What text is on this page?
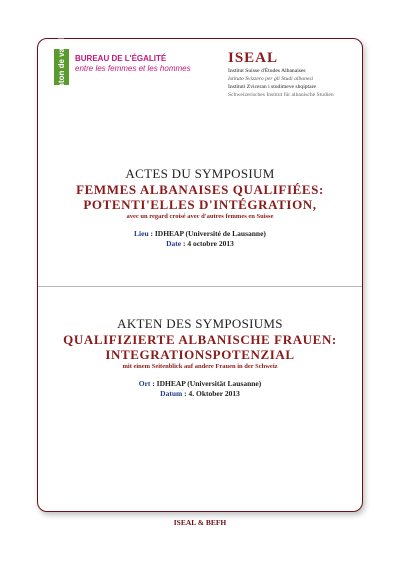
canton de vaud BUREAU DE L'ÉGALITÉ
entre les femmes et les hommes
ISEAL
Institut Suisse d'Études Albanaises
Istituto Svizzero per gli Studi albanesi
Instituti Zviceran i studimeve shqiptare
Schweizerisches Institut für albanische Studien
ACTES DU SYMPOSIUM
FEMMES ALBANAISES QUALIFIÉES:
POTENTI'ELLES D'INTÉGRATION,
avec un regard croisé avec d'autres femmes en Suisse
Lieu : IDHEAP (Université de Lausanne)
Date : 4 octobre 2013
AKTEN DES SYMPOSIUMS
QUALIFIZIERTE ALBANISCHE FRAUEN:
INTEGRATIONSPOTENZIAL
mit einem Seitenblick auf andere Frauen in der Schweiz
Ort : IDHEAP (Universität Lausanne)
Datum : 4. Oktober 2013
ISEAL & BEFH
